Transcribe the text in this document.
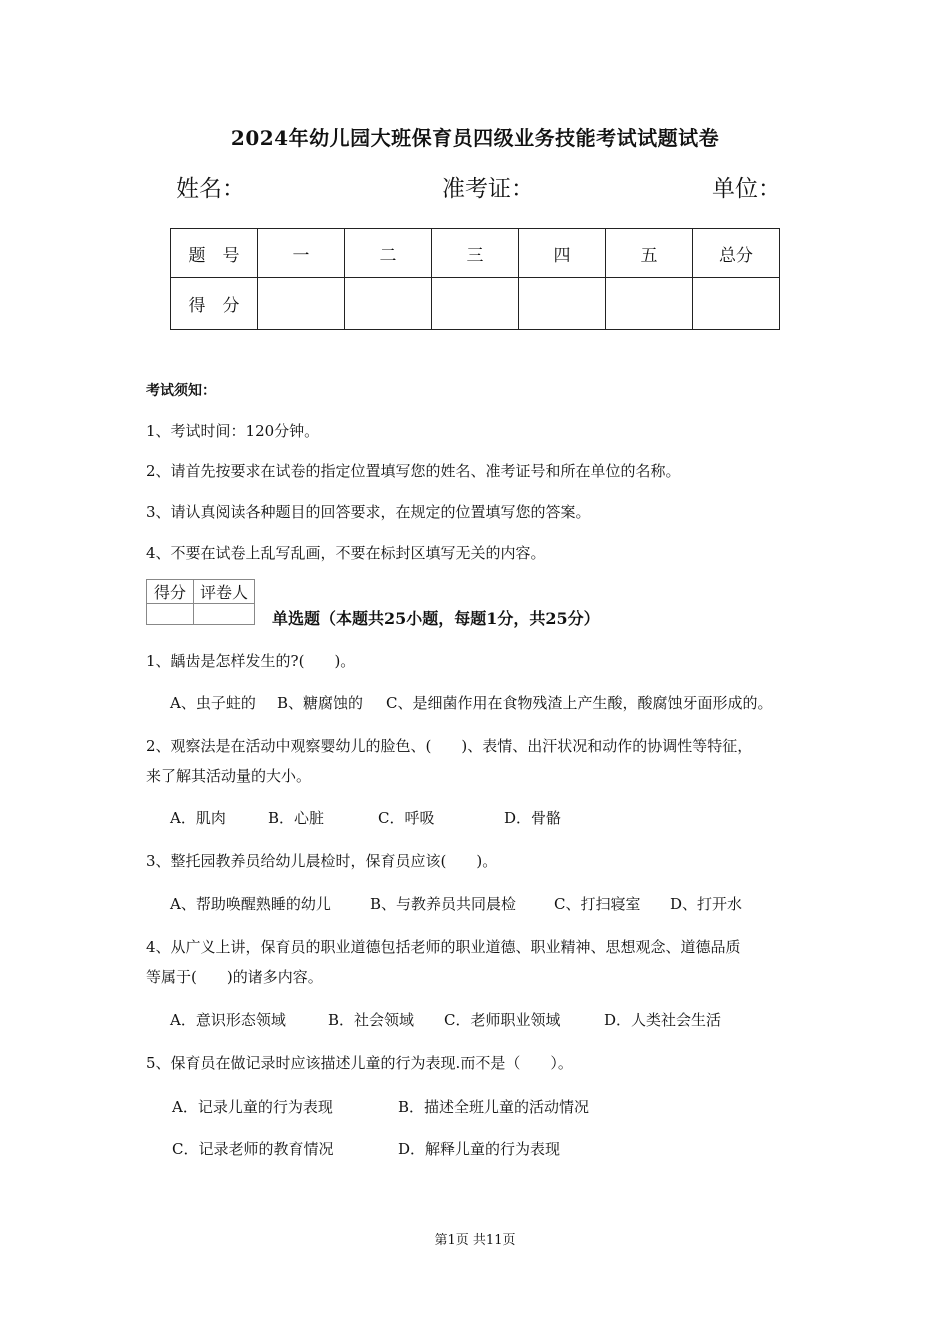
2024年幼儿园大班保育员四级业务技能考试试题试卷
姓名：	准考证：	单位：
题　号	一	二	三	四	五	总分
得　分						
考试须知：
1、考试时间：120分钟。
2、请首先按要求在试卷的指定位置填写您的姓名、准考证号和所在单位的名称。
3、请认真阅读各种题目的回答要求，在规定的位置填写您的答案。
4、不要在试卷上乱写乱画，不要在标封区填写无关的内容。
得分	评卷人

单选题（本题共25小题，每题1分，共25分）
1、龋齿是怎样发生的?(　　)。
A、虫子蛀的 B、糖腐蚀的 C、是细菌作用在食物残渣上产生酸，酸腐蚀牙面形成的。
2、观察法是在活动中观察婴幼儿的脸色、(　　)、表情、出汗状况和动作的协调性等特征，
来了解其活动量的大小。
A．肌肉	B．心脏	C．呼吸	D．骨骼
3、整托园教养员给幼儿晨检时，保育员应该(　　)。
A、帮助唤醒熟睡的幼儿	B、与教养员共同晨检	C、打扫寝室 D、打开水
4、从广义上讲，保育员的职业道德包括老师的职业道德、职业精神、思想观念、道德品质
等属于(　　)的诸多内容。
A．意识形态领域	B．社会领域 C．老师职业领域	D．人类社会生活
5、保育员在做记录时应该描述儿童的行为表现.而不是（　　）。
A．记录儿童的行为表现	B．描述全班儿童的活动情况
C．记录老师的教育情况	D．解释儿童的行为表现
第1页 共11页
